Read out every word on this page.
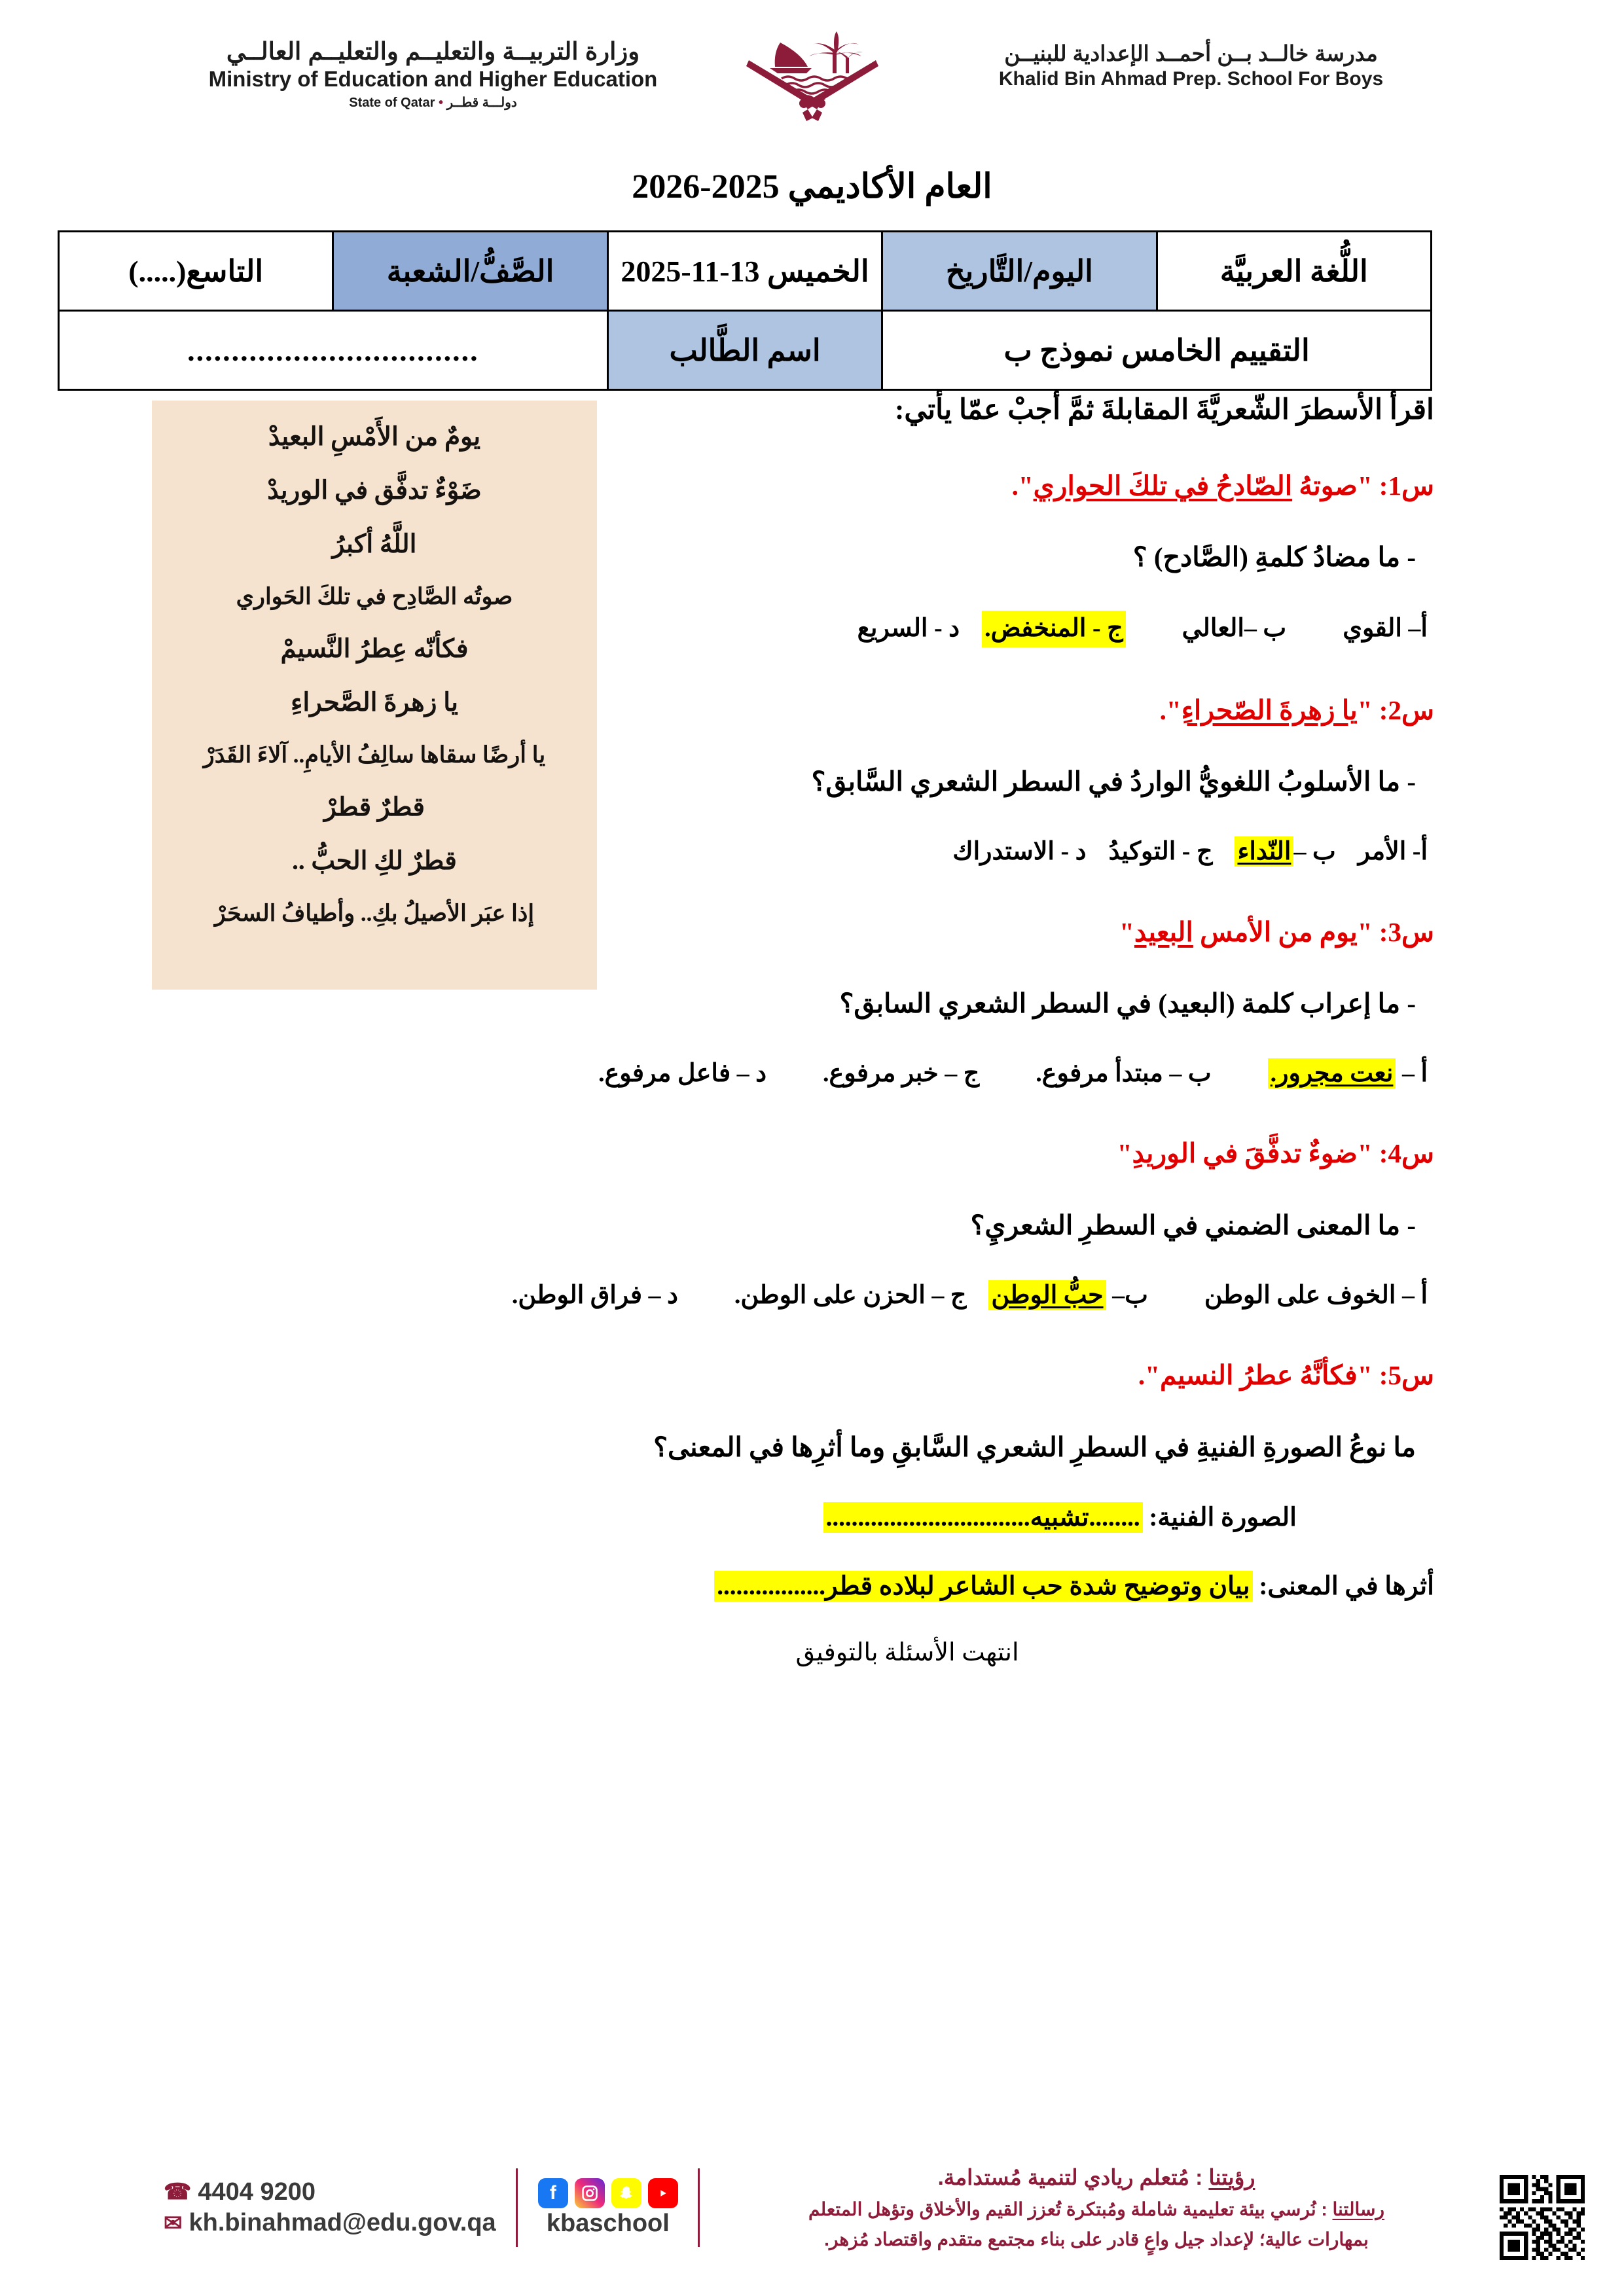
مدرسة خالــد بــن أحمــد الإعدادية للبنيــن
Khalid Bin Ahmad Prep. School For Boys
وزارة التربيــة والتعليــم والتعليــم العالــي
Ministry of Education and Higher Education
State of Qatar • دولـــة قطــر
العام الأكاديمي 2025-2026
اللُّغة العربيَّة	اليوم/التَّاريخ	الخميس 13-11-2025	الصَّفُّ/الشعبة	التاسع(.....)
التقييم الخامس نموذج ب		اسم الطَّالب	.................................	
يومٌ من الأَمْسِ البعيدْ
ضَوْءٌ تدفَّق في الوريدْ
اللَّهُ أكبرُ
صوتُه الصَّادِح في تلكَ الحَواري
فكأنّه عِطرُ النَّسيمْ
يا زهرةَ الصَّحراءِ
يا أرضًا سقاها سالِفُ الأيامِ.. آلاءَ القَدَرْ
قطرٌ قطرْ
قطرٌ لكِ الحبُّ ..
إذا عبَر الأصيلُ بكِ.. وأطيافُ السحَرْ
اقرأ الأسطرَ الشّعريَّةَ المقابلةَ ثمَّ أجبْ عمّا يأتي:
س1: "صوتهُ الصّادحُ في تلكَ الحواري".
- ما مضادُ كلمةِ (الصَّادح) ؟
أ– القويب –العاليج - المنخفض.د - السريع
س2: "يا زهرةَ الصّحراءِ".
- ما الأسلوبُ اللغويُّ الواردُ في السطر الشعري السَّابق؟
أ- الأمرب –النّداءج - التوكيدُد - الاستدراك
س3: "يوم من الأمس البعيد"
- ما إعراب كلمة (البعيد) في السطر الشعري السابق؟
أ – نعت مجرور.ب – مبتدأ مرفوع.ج – خبر مرفوع.د – فاعل مرفوع.
س4: "ضوءٌ تدفَّقَ في الوريدِ"
- ما المعنى الضمني في السطرِ الشعريِ؟
أ – الخوف على الوطنب– حبُّ الوطنج – الحزن على الوطن.د – فراق الوطن.
س5: "فكأنَّهُ عطرُ النسيم".
ما نوعُ الصورةِ الفنيةِ في السطرِ الشعري السَّابقِ وما أثرِها في المعنى؟
الصورة الفنية: ........تشبيه................................
أثرها في المعنى: بيان وتوضيح شدة حب الشاعر لبلاده قطر.................
انتهت الأسئلة بالتوفيق
رؤيتنا : مُتعلم ريادي لتنمية مُستدامة.
رسالتنا : نُرسي بيئة تعليمية شاملة ومُبتكرة تُعزز القيم والأخلاق وتؤهل المتعلم
بمهارات عالية؛ لإعداد جيل واعٍ قادر على بناء مجتمع متقدم واقتصاد مُزهر.
f
kbaschool
☎ 4404 9200
✉ kh.binahmad@edu.gov.qa
